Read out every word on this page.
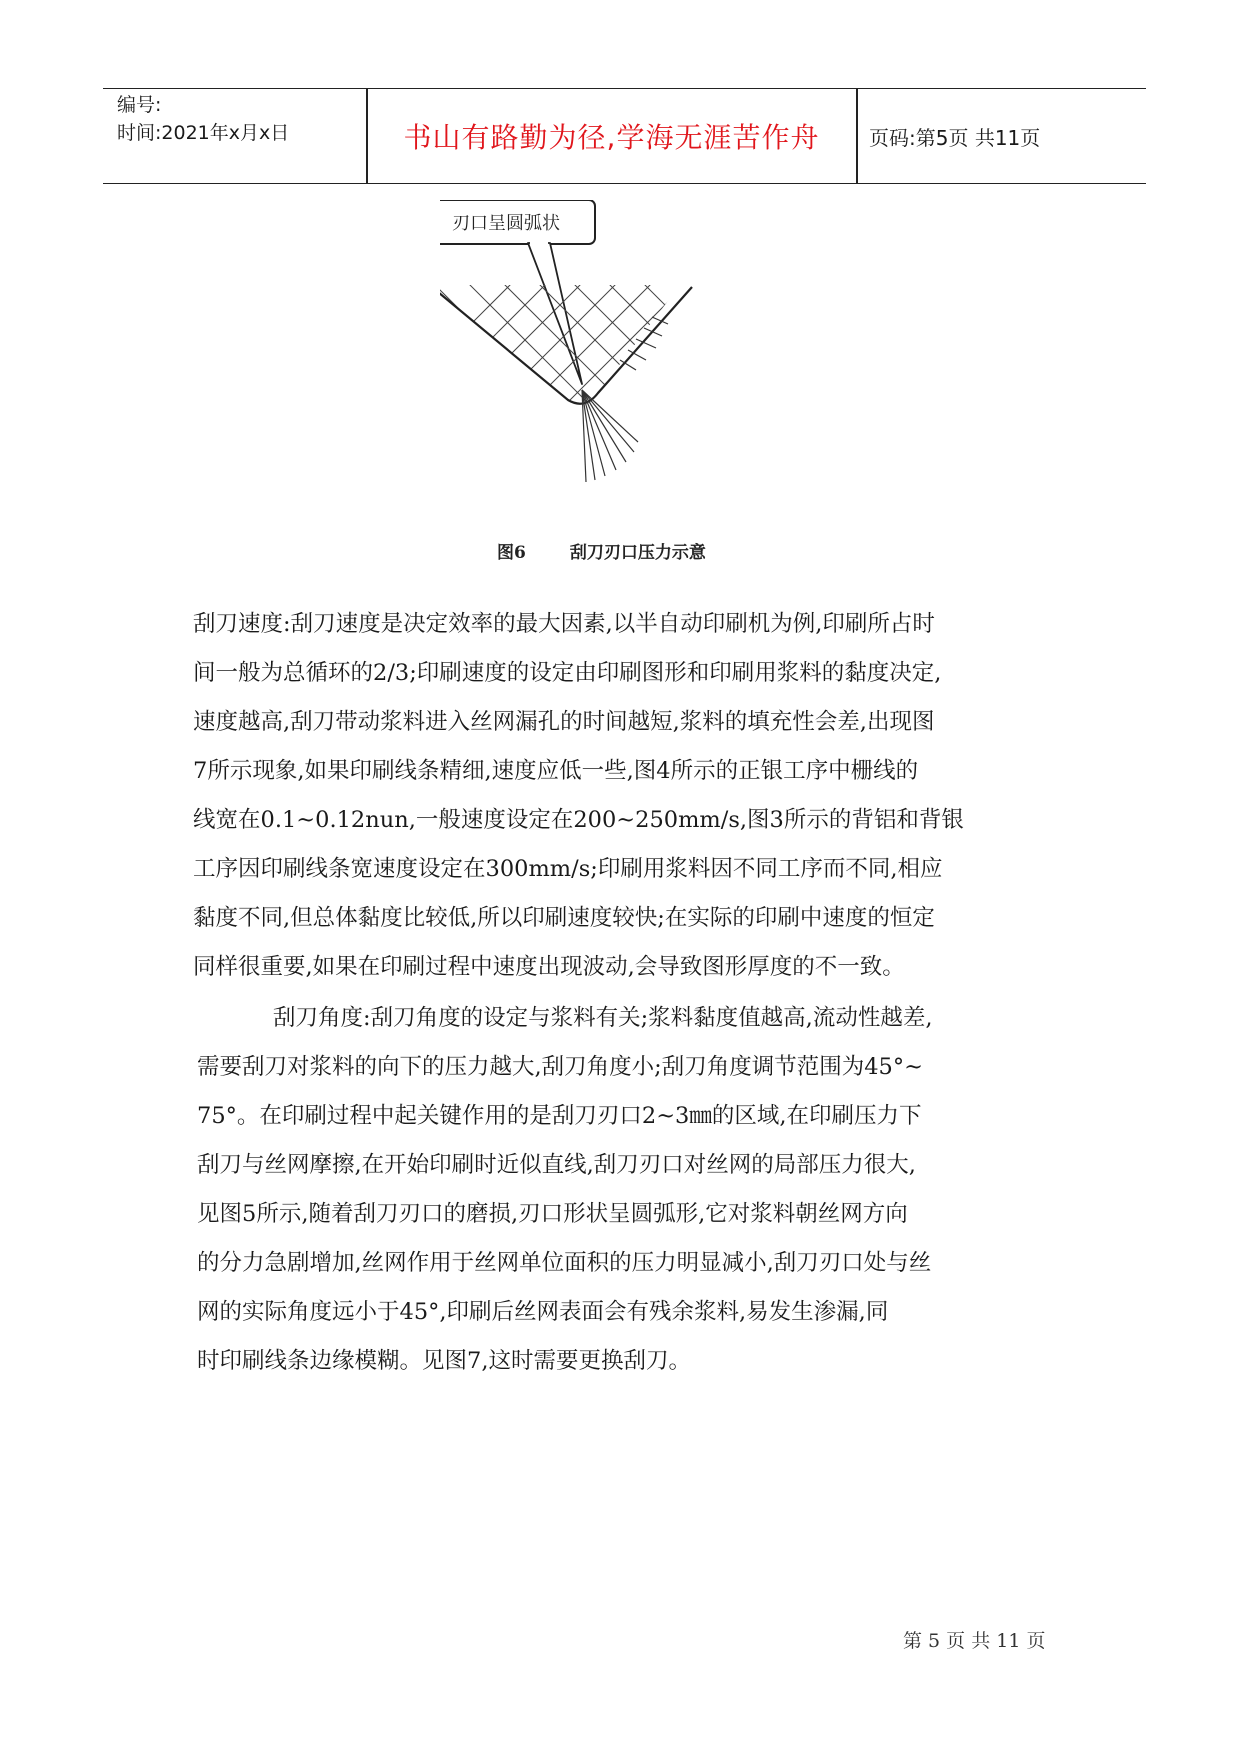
编号:
时间:2021年x月x日	书山有路勤为径,学海无涯苦作舟	页码:第5页 共11页
刃口呈圆弧状
图6	刮刀刃口压力示意
刮刀速度:刮刀速度是决定效率的最大因素,以半自动印刷机为例,印刷所占时
间一般为总循环的2/3;印刷速度的设定由印刷图形和印刷用浆料的黏度决定,
速度越高,刮刀带动浆料进入丝网漏孔的时间越短,浆料的填充性会差,出现图
7所示现象,如果印刷线条精细,速度应低一些,图4所示的正银工序中栅线的
线宽在0.1~0.12nun,一般速度设定在200~250mm/s,图3所示的背铝和背银
工序因印刷线条宽速度设定在300mm/s;印刷用浆料因不同工序而不同,相应
黏度不同,但总体黏度比较低,所以印刷速度较快;在实际的印刷中速度的恒定
同样很重要,如果在印刷过程中速度出现波动,会导致图形厚度的不一致。
刮刀角度:刮刀角度的设定与浆料有关;浆料黏度值越高,流动性越差,
需要刮刀对浆料的向下的压力越大,刮刀角度小;刮刀角度调节范围为45°~
75°。在印刷过程中起关键作用的是刮刀刃口2~3㎜的区域,在印刷压力下
刮刀与丝网摩擦,在开始印刷时近似直线,刮刀刃口对丝网的局部压力很大,
见图5所示,随着刮刀刃口的磨损,刃口形状呈圆弧形,它对浆料朝丝网方向
的分力急剧增加,丝网作用于丝网单位面积的压力明显减小,刮刀刃口处与丝
网的实际角度远小于45°,印刷后丝网表面会有残余浆料,易发生渗漏,同
时印刷线条边缘模糊。见图7,这时需要更换刮刀。
第 5 页 共 11 页
